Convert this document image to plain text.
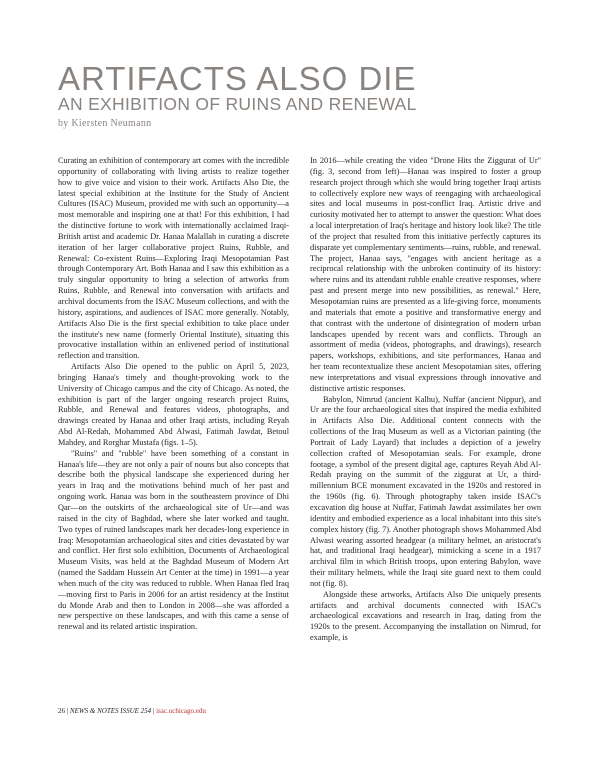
ARTIFACTS ALSO DIE
AN EXHIBITION OF RUINS AND RENEWAL

by Kiersten Neumann

Curating an exhibition of contemporary art comes with the incredible opportunity of collaborating with living artists to realize together how to give voice and vision to their work. Artifacts Also Die, the latest special exhibition at the Institute for the Study of Ancient Cultures (ISAC) Museum, provided me with such an opportunity—a most memorable and inspiring one at that! For this exhibition, I had the distinctive fortune to work with internationally acclaimed Iraqi-British artist and academic Dr. Hanaa Malallah in curating a discrete iteration of her larger collaborative project Ruins, Rubble, and Renewal: Co-existent Ruins—Exploring Iraqi Mesopotamian Past through Contemporary Art. Both Hanaa and I saw this exhibition as a truly singular opportunity to bring a selection of artworks from Ruins, Rubble, and Renewal into conversation with artifacts and archival documents from the ISAC Museum collections, and with the history, aspirations, and audiences of ISAC more generally. Notably, Artifacts Also Die is the first special exhibition to take place under the institute's new name (formerly Oriental Institute), situating this provocative installation within an enlivened period of institutional reflection and transition.

Artifacts Also Die opened to the public on April 5, 2023, bringing Hanaa's timely and thought-provoking work to the University of Chicago campus and the city of Chicago. As noted, the exhibition is part of the larger ongoing research project Ruins, Rubble, and Renewal and features videos, photographs, and drawings created by Hanaa and other Iraqi artists, including Reyah Abd Al-Redah, Mohammed Abd Alwasi, Fatimah Jawdat, Betoul Mahdey, and Rorghar Mustafa (figs. 1–5).

"Ruins" and "rubble" have been something of a constant in Hanaa's life—they are not only a pair of nouns but also concepts that describe both the physical landscape she experienced during her years in Iraq and the motivations behind much of her past and ongoing work. Hanaa was born in the southeastern province of Dhi Qar—on the outskirts of the archaeological site of Ur—and was raised in the city of Baghdad, where she later worked and taught. Two types of ruined landscapes mark her decades-long experience in Iraq: Mesopotamian archaeological sites and cities devastated by war and conflict. Her first solo exhibition, Documents of Archaeological Museum Visits, was held at the Baghdad Museum of Modern Art (named the Saddam Hussein Art Center at the time) in 1991—a year when much of the city was reduced to rubble. When Hanaa fled Iraq—moving first to Paris in 2006 for an artist residency at the Institut du Monde Arab and then to London in 2008—she was afforded a new perspective on these landscapes, and with this came a sense of renewal and its related artistic inspiration.

In 2016—while creating the video "Drone Hits the Ziggurat of Ur" (fig. 3, second from left)—Hanaa was inspired to foster a group research project through which she would bring together Iraqi artists to collectively explore new ways of reengaging with archaeological sites and local museums in post-conflict Iraq. Artistic drive and curiosity motivated her to attempt to answer the question: What does a local interpretation of Iraq's heritage and history look like? The title of the project that resulted from this initiative perfectly captures its disparate yet complementary sentiments—ruins, rubble, and renewal. The project, Hanaa says, "engages with ancient heritage as a reciprocal relationship with the unbroken continuity of its history: where ruins and its attendant rubble enable creative responses, where past and present merge into new possibilities, as renewal." Here, Mesopotamian ruins are presented as a life-giving force, monuments and materials that emote a positive and transformative energy and that contrast with the undertone of disintegration of modern urban landscapes upended by recent wars and conflicts. Through an assortment of media (videos, photographs, and drawings), research papers, workshops, exhibitions, and site performances, Hanaa and her team recontextualize these ancient Mesopotamian sites, offering new interpretations and visual expressions through innovative and distinctive artistic responses.

Babylon, Nimrud (ancient Kalhu), Nuffar (ancient Nippur), and Ur are the four archaeological sites that inspired the media exhibited in Artifacts Also Die. Additional content connects with the collections of the Iraq Museum as well as a Victorian painting (the Portrait of Lady Layard) that includes a depiction of a jewelry collection crafted of Mesopotamian seals. For example, drone footage, a symbol of the present digital age, captures Reyah Abd Al-Redah praying on the summit of the ziggurat at Ur, a third-millennium BCE monument excavated in the 1920s and restored in the 1960s (fig. 6). Through photography taken inside ISAC's excavation dig house at Nuffar, Fatimah Jawdat assimilates her own identity and embodied experience as a local inhabitant into this site's complex history (fig. 7). Another photograph shows Mohammed Abd Alwasi wearing assorted headgear (a military helmet, an aristocrat's hat, and traditional Iraqi headgear), mimicking a scene in a 1917 archival film in which British troops, upon entering Babylon, wave their military helmets, while the Iraqi site guard next to them could not (fig. 8).

Alongside these artworks, Artifacts Also Die uniquely presents artifacts and archival documents connected with ISAC's archaeological excavations and research in Iraq, dating from the 1920s to the present. Accompanying the installation on Nimrud, for example, is

26 | NEWS & NOTES ISSUE 254 | isac.uchicago.edu
